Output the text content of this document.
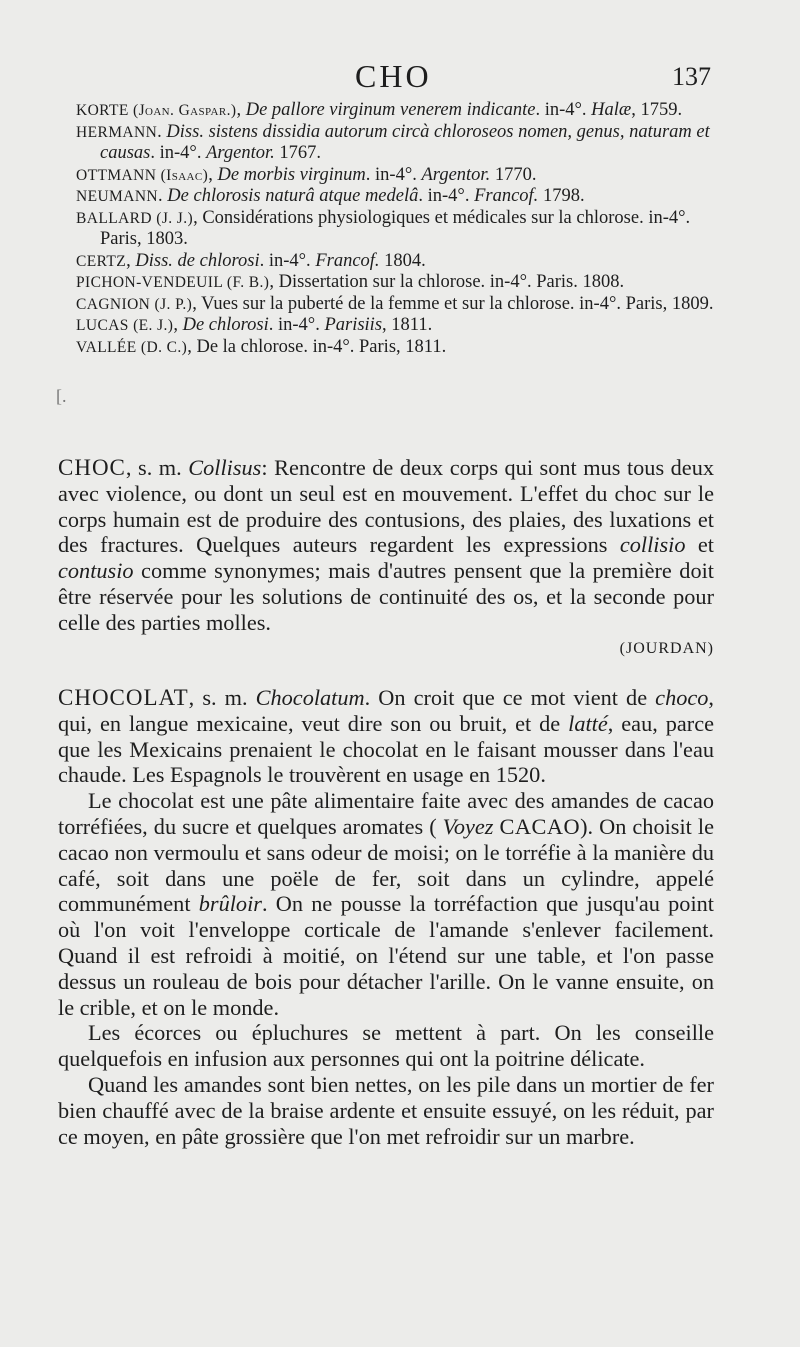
CHO	137

KORTE (Joan. Gaspar.), De pallore virginum venerem indicante. in-4°. Halæ, 1759.

HERMANN. Diss. sistens dissidia autorum circà chloroseos nomen, genus, naturam et causas. in-4°. Argentor. 1767.

OTTMANN (Isaac), De morbis virginum. in-4°. Argentor. 1770.

NEUMANN. De chlorosis naturâ atque medelâ. in-4°. Francof. 1798.

BALLARD (J. J.), Considérations physiologiques et médicales sur la chlorose. in-4°. Paris, 1803.

CERTZ, Diss. de chlorosi. in-4°. Francof. 1804.

PICHON-VENDEUIL (F. B.), Dissertation sur la chlorose. in-4°. Paris. 1808.

CAGNION (J. P.), Vues sur la puberté de la femme et sur la chlorose. in-4°. Paris, 1809.

LUCAS (E. J.), De chlorosi. in-4°. Parisiis, 1811.

VALLÉE (D. C.), De la chlorose. in-4°. Paris, 1811.

[.

CHOC, s. m. Collisus: Rencontre de deux corps qui sont mus tous deux avec violence, ou dont un seul est en mouvement. L'effet du choc sur le corps humain est de produire des contusions, des plaies, des luxations et des fractures. Quelques auteurs regardent les expressions collisio et contusio comme synonymes; mais d'autres pensent que la première doit être réservée pour les solutions de continuité des os, et la seconde pour celle des parties molles.

(JOURDAN)

CHOCOLAT, s. m. Chocolatum. On croit que ce mot vient de choco, qui, en langue mexicaine, veut dire son ou bruit, et de latté, eau, parce que les Mexicains prenaient le chocolat en le faisant mousser dans l'eau chaude. Les Espagnols le trouvèrent en usage en 1520.

Le chocolat est une pâte alimentaire faite avec des amandes de cacao torréfiées, du sucre et quelques aromates ( Voyez CACAO). On choisit le cacao non vermoulu et sans odeur de moisi; on le torréfie à la manière du café, soit dans une poële de fer, soit dans un cylindre, appelé communément brûloir. On ne pousse la torréfaction que jusqu'au point où l'on voit l'enveloppe corticale de l'amande s'enlever facilement. Quand il est refroidi à moitié, on l'étend sur une table, et l'on passe dessus un rouleau de bois pour détacher l'arille. On le vanne ensuite, on le crible, et on le monde.

Les écorces ou épluchures se mettent à part. On les conseille quelquefois en infusion aux personnes qui ont la poitrine délicate.

Quand les amandes sont bien nettes, on les pile dans un mortier de fer bien chauffé avec de la braise ardente et ensuite essuyé, on les réduit, par ce moyen, en pâte grossière que l'on met refroidir sur un marbre.
